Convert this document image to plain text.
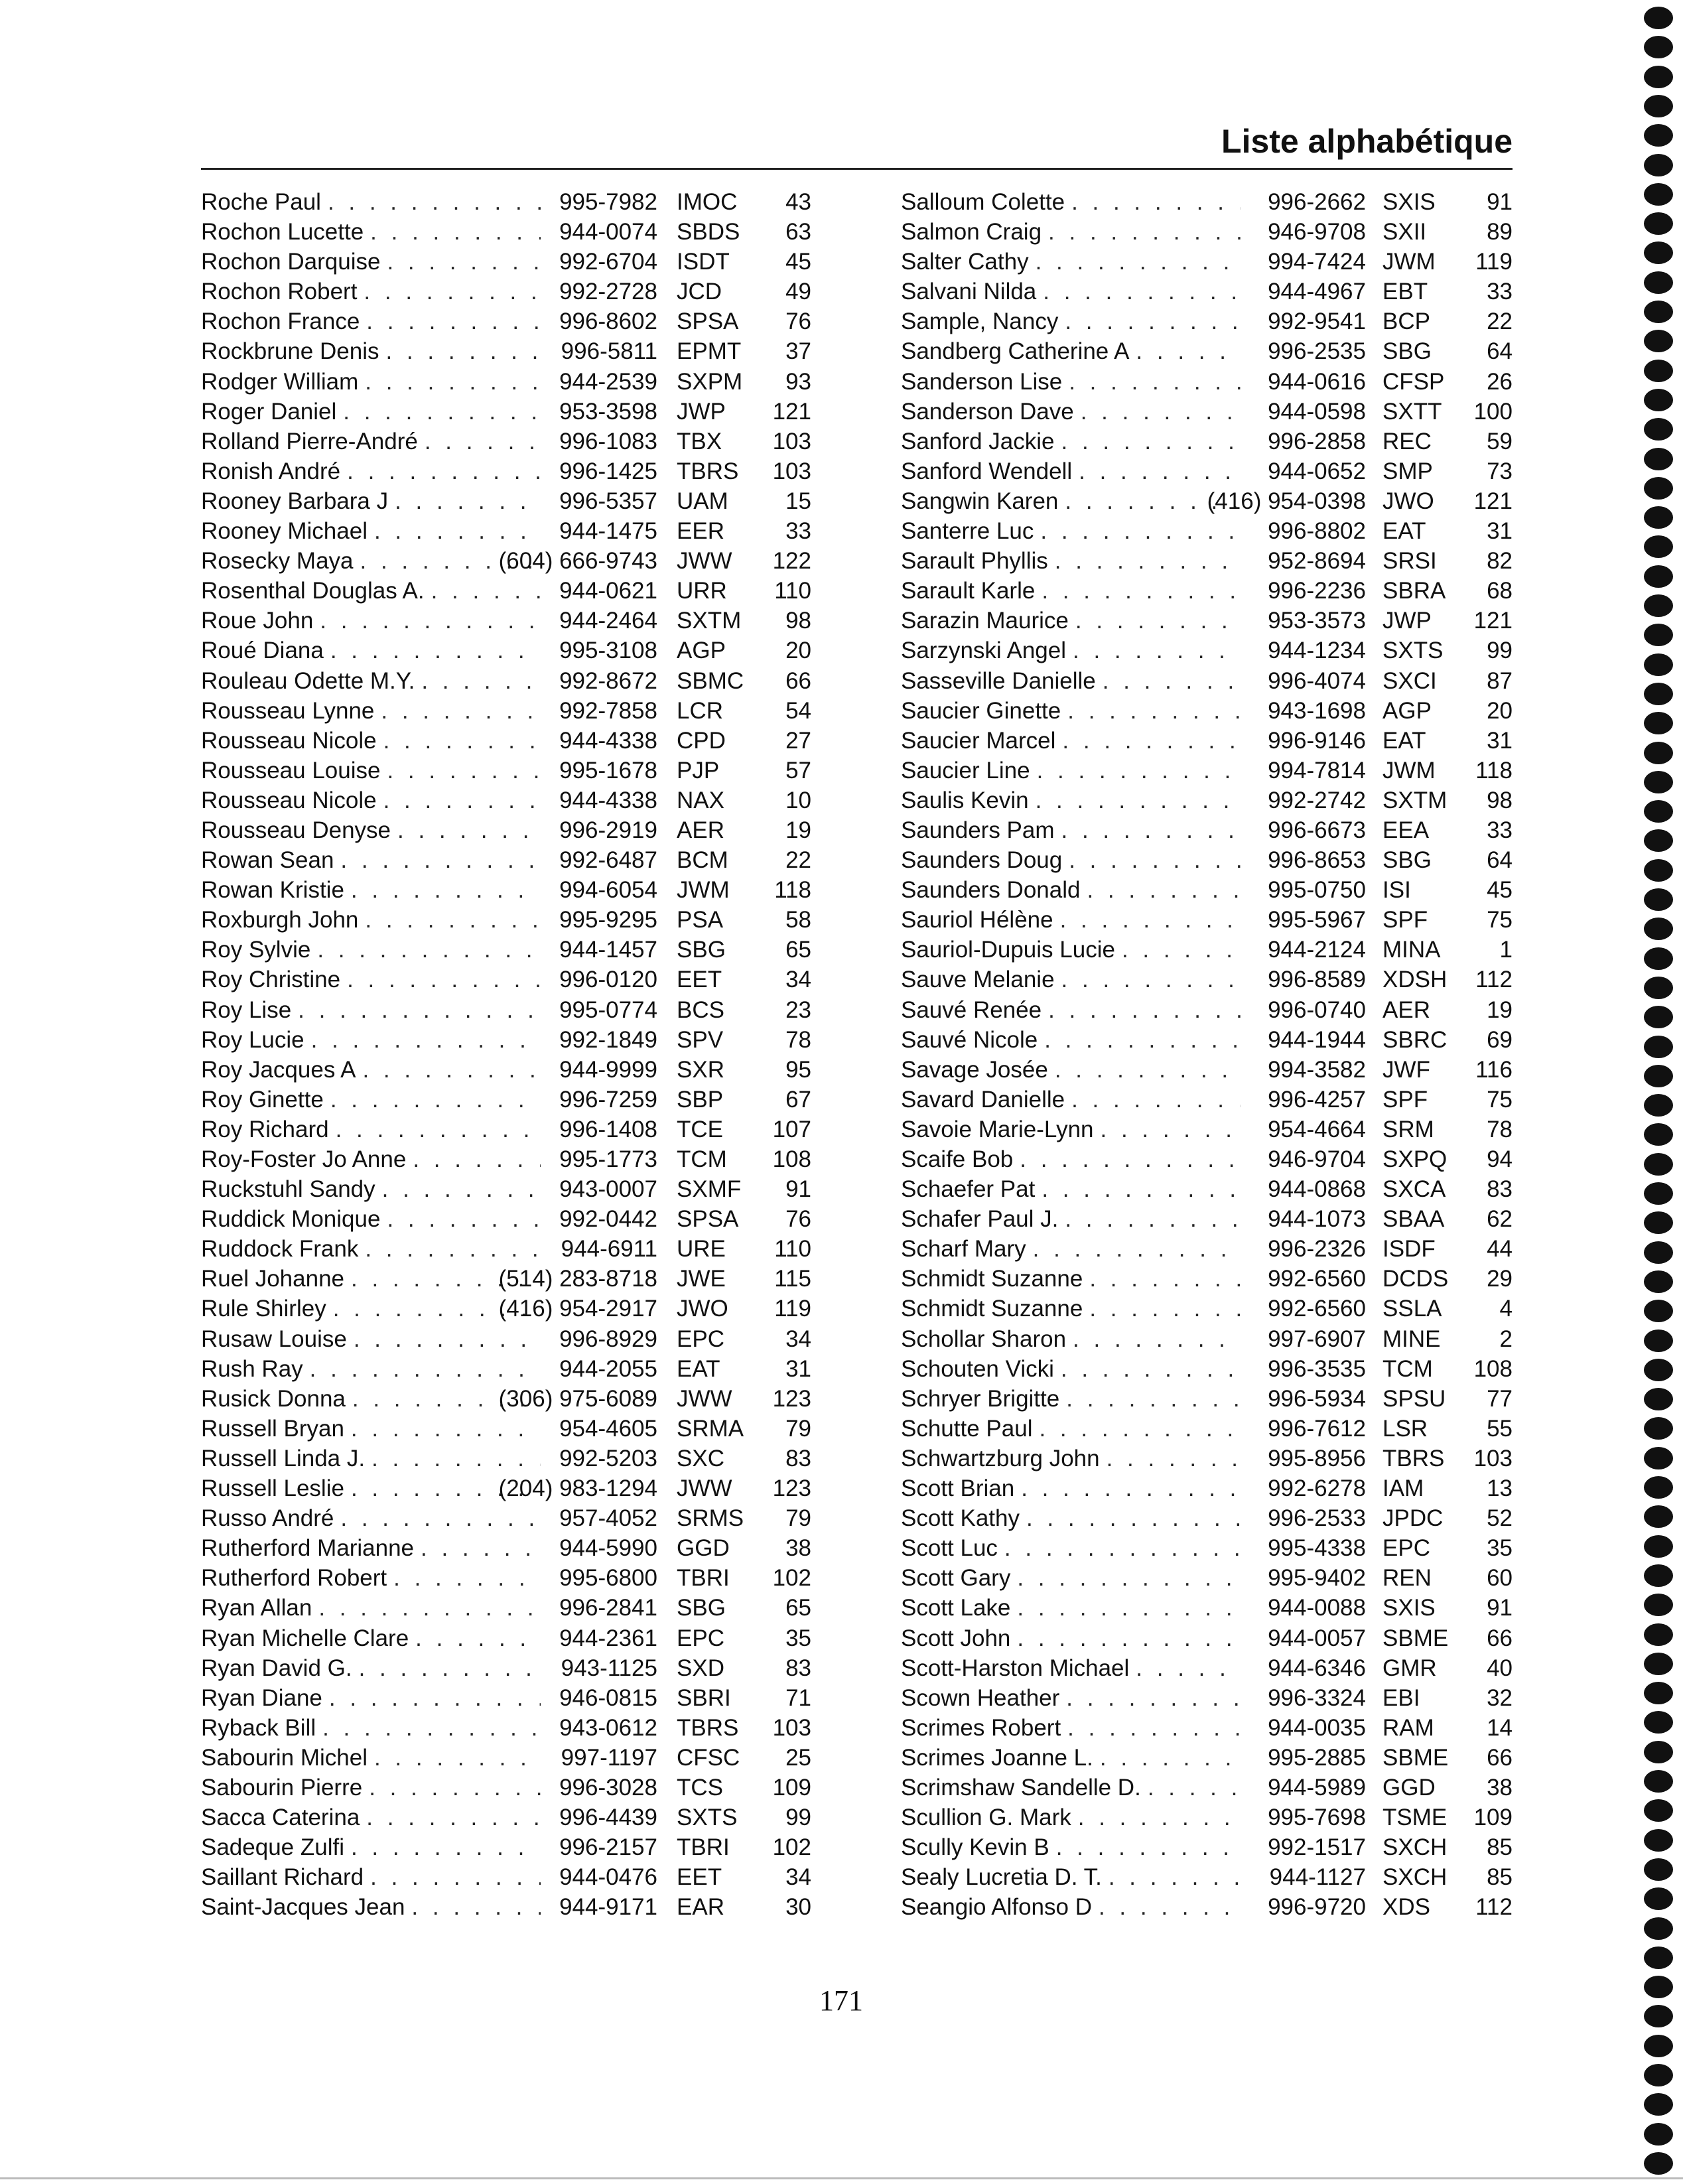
Liste alphabétique
Roche Paul . . .	995-7982 IMOC	43
Rochon Lucette . . .	944-0074 SBDS	63
Rochon Darquise . . .	992-6704 ISDT	45
Rochon Robert . . .	992-2728 JCD	49
Rochon France . . .	996-8602 SPSA	76
Rockbrune Denis . . .	996-5811 EPMT	37
Rodger William . . .	944-2539 SXPM	93
Roger Daniel . . .	953-3598 JWP	121
Rolland Pierre-André . . .	996-1083 TBX	103
Ronish André . . .	996-1425 TBRS	103
Rooney Barbara J . . .	996-5357 UAM	15
Rooney Michael . . .	944-1475 EER	33
Rosecky Maya . . .	(604) 666-9743 JWW	122
Rosenthal Douglas A. . . .	944-0621 URR	110
Roue John . . .	944-2464 SXTM	98
Roué Diana . . .	995-3108 AGP	20
Rouleau Odette M.Y. . . .	992-8672 SBMC	66
Rousseau Lynne . . .	992-7858 LCR	54
Rousseau Nicole . . .	944-4338 CPD	27
Rousseau Louise . . .	995-1678 PJP	57
Rousseau Nicole . . .	944-4338 NAX	10
Rousseau Denyse . . .	996-2919 AER	19
Rowan Sean . . .	992-6487 BCM	22
Rowan Kristie . . .	994-6054 JWM	118
Roxburgh John . . .	995-9295 PSA	58
Roy Sylvie . . .	944-1457 SBG	65
Roy Christine . . .	996-0120 EET	34
Roy Lise . . .	995-0774 BCS	23
Roy Lucie . . .	992-1849 SPV	78
Roy Jacques A . . .	944-9999 SXR	95
Roy Ginette . . .	996-7259 SBP	67
Roy Richard . . .	996-1408 TCE	107
Roy-Foster Jo Anne . . .	995-1773 TCM	108
Ruckstuhl Sandy . . .	943-0007 SXMF	91
Ruddick Monique . . .	992-0442 SPSA	76
Ruddock Frank . . .	944-6911 URE	110
Ruel Johanne . . .	(514) 283-8718 JWE	115
Rule Shirley . . .	(416) 954-2917 JWO	119
Rusaw Louise . . .	996-8929 EPC	34
Rush Ray . . .	944-2055 EAT	31
Rusick Donna . . .	(306) 975-6089 JWW	123
Russell Bryan . . .	954-4605 SRMA	79
Russell Linda J. . . .	992-5203 SXC	83
Russell Leslie . . .	(204) 983-1294 JWW	123
Russo André . . .	957-4052 SRMS	79
Rutherford Marianne . . .	944-5990 GGD	38
Rutherford Robert . . .	995-6800 TBRI	102
Ryan Allan . . .	996-2841 SBG	65
Ryan Michelle Clare . . .	944-2361 EPC	35
Ryan David G. . . .	943-1125 SXD	83
Ryan Diane . . .	946-0815 SBRI	71
Ryback Bill . . .	943-0612 TBRS	103
Sabourin Michel . . .	997-1197 CFSC	25
Sabourin Pierre . . .	996-3028 TCS	109
Sacca Caterina . . .	996-4439 SXTS	99
Sadeque Zulfi . . .	996-2157 TBRI	102
Saillant Richard . . .	944-0476 EET	34
Saint-Jacques Jean . . .	944-9171 EAR	30
Salloum Colette . . .	996-2662 SXIS	91
Salmon Craig . . .	946-9708 SXII	89
Salter Cathy . . .	994-7424 JWM	119
Salvani Nilda . . .	944-4967 EBT	33
Sample, Nancy . . .	992-9541 BCP	22
Sandberg Catherine A . . .	996-2535 SBG	64
Sanderson Lise . . .	944-0616 CFSP	26
Sanderson Dave . . .	944-0598 SXTT	100
Sanford Jackie . . .	996-2858 REC	59
Sanford Wendell . . .	944-0652 SMP	73
Sangwin Karen . . .	(416) 954-0398 JWO	121
Santerre Luc . . .	996-8802 EAT	31
Sarault Phyllis . . .	952-8694 SRSI	82
Sarault Karle . . .	996-2236 SBRA	68
Sarazin Maurice . . .	953-3573 JWP	121
Sarzynski Angel . . .	944-1234 SXTS	99
Sasseville Danielle . . .	996-4074 SXCI	87
Saucier Ginette . . .	943-1698 AGP	20
Saucier Marcel . . .	996-9146 EAT	31
Saucier Line . . .	994-7814 JWM	118
Saulis Kevin . . .	992-2742 SXTM	98
Saunders Pam . . .	996-6673 EEA	33
Saunders Doug . . .	996-8653 SBG	64
Saunders Donald . . .	995-0750 ISI	45
Sauriol Hélène . . .	995-5967 SPF	75
Sauriol-Dupuis Lucie . . .	944-2124 MINA	1
Sauve Melanie . . .	996-8589 XDSH	112
Sauvé Renée . . .	996-0740 AER	19
Sauvé Nicole . . .	944-1944 SBRC	69
Savage Josée . . .	994-3582 JWF	116
Savard Danielle . . .	996-4257 SPF	75
Savoie Marie-Lynn . . .	954-4664 SRM	78
Scaife Bob . . .	946-9704 SXPQ	94
Schaefer Pat . . .	944-0868 SXCA	83
Schafer Paul J. . . .	944-1073 SBAA	62
Scharf Mary . . .	996-2326 ISDF	44
Schmidt Suzanne . . .	992-6560 DCDS	29
Schmidt Suzanne . . .	992-6560 SSLA	4
Schollar Sharon . . .	997-6907 MINE	2
Schouten Vicki . . .	996-3535 TCM	108
Schryer Brigitte . . .	996-5934 SPSU	77
Schutte Paul . . .	996-7612 LSR	55
Schwartzburg John . . .	995-8956 TBRS	103
Scott Brian . . .	992-6278 IAM	13
Scott Kathy . . .	996-2533 JPDC	52
Scott Luc . . .	995-4338 EPC	35
Scott Gary . . .	995-9402 REN	60
Scott Lake . . .	944-0088 SXIS	91
Scott John . . .	944-0057 SBME	66
Scott-Harston Michael . . .	944-6346 GMR	40
Scown Heather . . .	996-3324 EBI	32
Scrimes Robert . . .	944-0035 RAM	14
Scrimes Joanne L. . . .	995-2885 SBME	66
Scrimshaw Sandelle D. . . .	944-5989 GGD	38
Scullion G. Mark . . .	995-7698 TSME	109
Scully Kevin B . . .	992-1517 SXCH	85
Sealy Lucretia D. T. . . .	944-1127 SXCH	85
Seangio Alfonso D . . .	996-9720 XDS	112
171
